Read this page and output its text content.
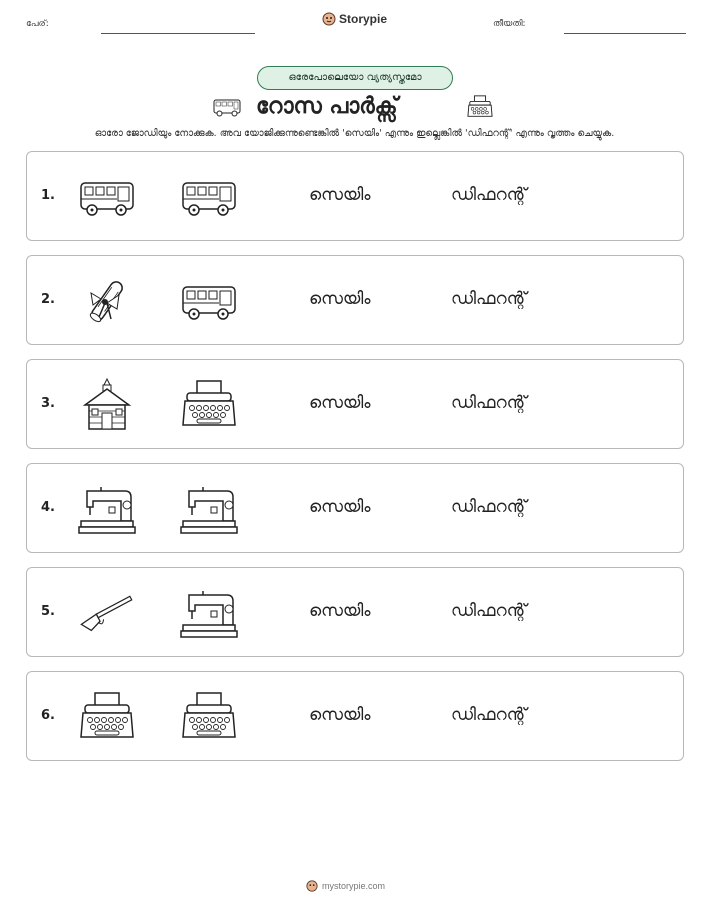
പേര്:	Storypie	തീയതി:
ഒരേപോലെയോ വ്യത്യസ്തമോ
റോസ പാർക്സ്
ഓരോ ജോഡിയും നോക്കുക. അവ യോജിക്കുന്നുണ്ടെങ്കിൽ 'സെയിം' എന്നും ഇല്ലെങ്കിൽ 'ഡിഫറന്റ്' എന്നും വൃത്തം ചെയ്യുക.
1.	സെയിം	ഡിഫറന്റ്
2.	സെയിം	ഡിഫറന്റ്
3.	സെയിം	ഡിഫറന്റ്
4.	സെയിം	ഡിഫറന്റ്
5.	സെയിം	ഡിഫറന്റ്
6.	സെയിം	ഡിഫറന്റ്
mystorypie.com
